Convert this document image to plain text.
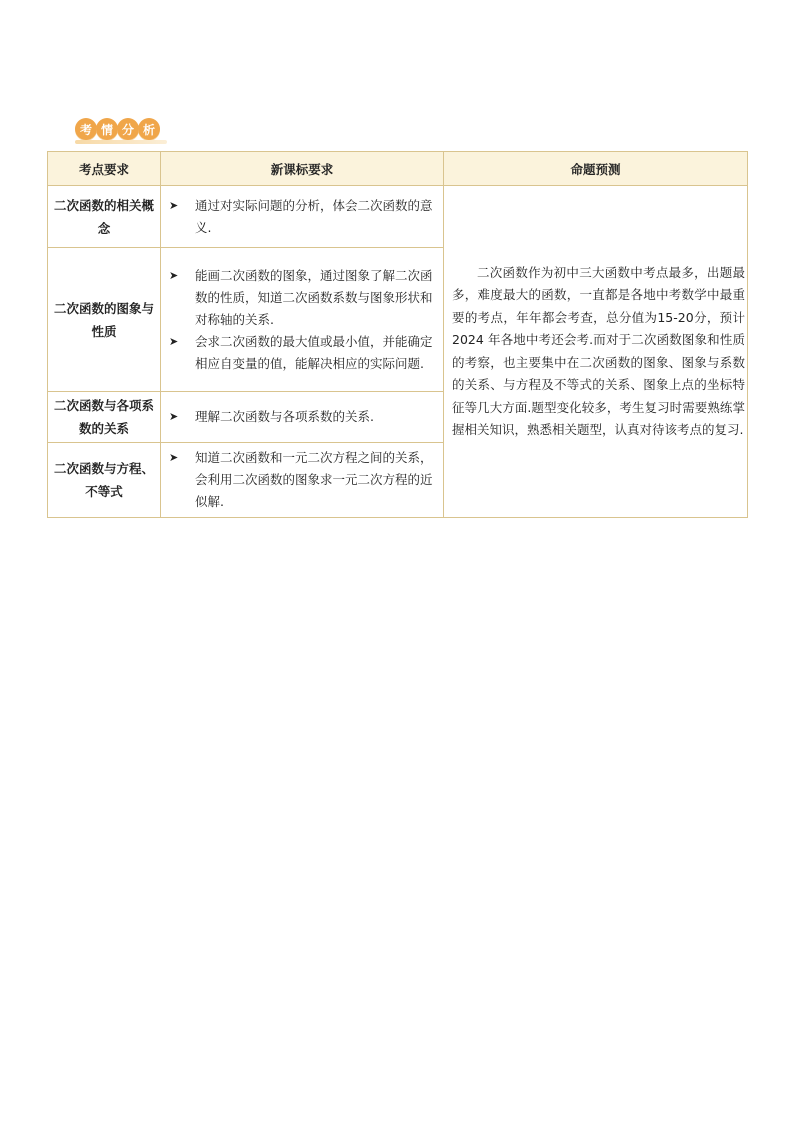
考 情 分 析
考点要求	新课标要求	命题预测
二次函数的相关概念	➤ 通过对实际问题的分析，体会二次函数的意义.	二次函数作为初中三大函数中考点最多，出题最多，难度最大的函数，一直都是各地中考数学中最重要的考点，年年都会考查，总分值为15-20分，预计 2024 年各地中考还会考.而对于二次函数图象和性质的考察，也主要集中在二次函数的图象、图象与系数的关系、与方程及不等式的关系、图象上点的坐标特征等几大方面.题型变化较多，考生复习时需要熟练掌握相关知识，熟悉相关题型，认真对待该考点的复习.
二次函数的图象与性质	➤ 能画二次函数的图象，通过图象了解二次函数的性质，知道二次函数系数与图象形状和对称轴的关系.
➤ 会求二次函数的最大值或最小值，并能确定相应自变量的值，能解决相应的实际问题.	

二次函数与各项系数的关系	➤ 理解二次函数与各项系数的关系.	

二次函数与方程、不等式	➤ 知道二次函数和一元二次方程之间的关系，会利用二次函数的图象求一元二次方程的近似解.	
